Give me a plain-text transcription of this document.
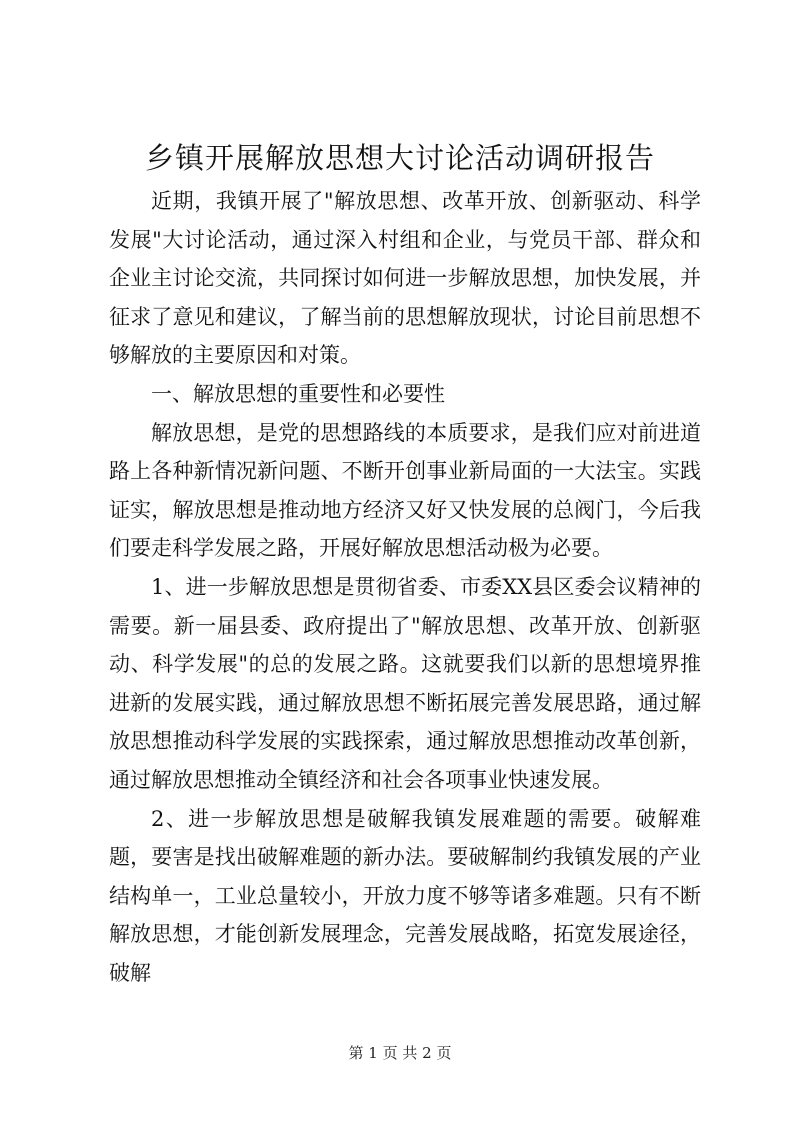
乡镇开展解放思想大讨论活动调研报告

近期，我镇开展了"解放思想、改革开放、创新驱动、科学发展"大讨论活动，通过深入村组和企业，与党员干部、群众和企业主讨论交流，共同探讨如何进一步解放思想，加快发展，并征求了意见和建议，了解当前的思想解放现状，讨论目前思想不够解放的主要原因和对策。

一、解放思想的重要性和必要性

解放思想，是党的思想路线的本质要求，是我们应对前进道路上各种新情况新问题、不断开创事业新局面的一大法宝。实践证实，解放思想是推动地方经济又好又快发展的总阀门，今后我们要走科学发展之路，开展好解放思想活动极为必要。

1、进一步解放思想是贯彻省委、市委XX县区委会议精神的需要。新一届县委、政府提出了"解放思想、改革开放、创新驱动、科学发展"的总的发展之路。这就要我们以新的思想境界推进新的发展实践，通过解放思想不断拓展完善发展思路，通过解放思想推动科学发展的实践探索，通过解放思想推动改革创新，通过解放思想推动全镇经济和社会各项事业快速发展。

2、进一步解放思想是破解我镇发展难题的需要。破解难题，要害是找出破解难题的新办法。要破解制约我镇发展的产业结构单一，工业总量较小，开放力度不够等诸多难题。只有不断解放思想，才能创新发展理念，完善发展战略，拓宽发展途径，破解

第 1 页 共 2 页
